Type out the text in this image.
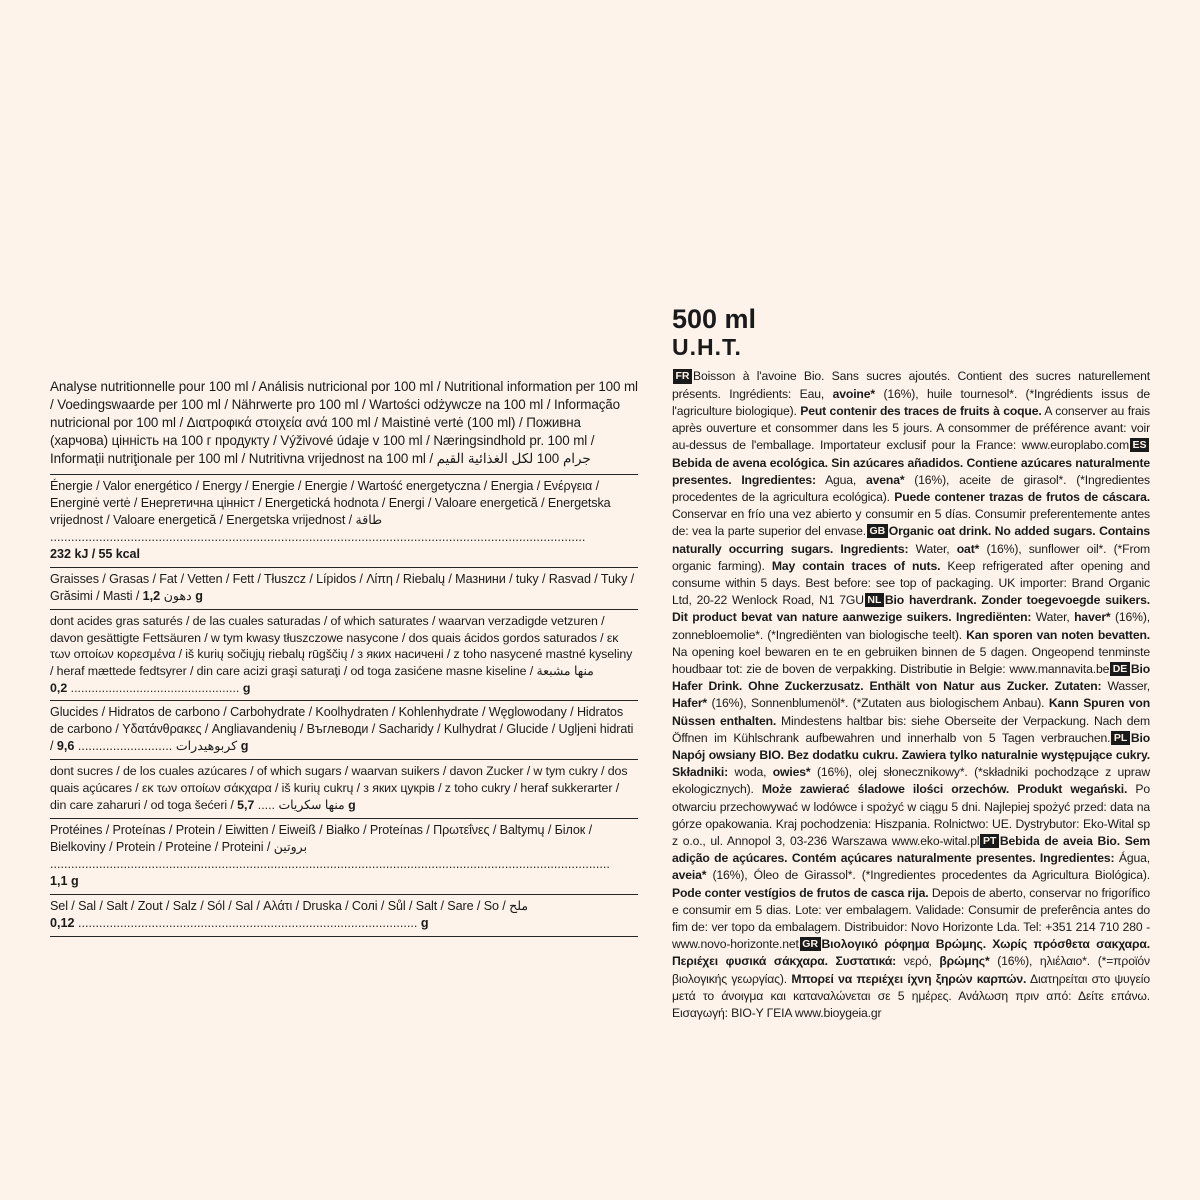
Analyse nutritionnelle pour 100 ml / Análisis nutricional por 100 ml / Nutritional information per 100 ml / Voedingswaarde per 100 ml / Nährwerte pro 100 ml / Wartości odżywcze na 100 ml / Informação nutricional por 100 ml / Διατροφικά στοιχεία ανά 100 ml / Maistinė vertė (100 ml) / Поживна (харчова) цінність на 100 г продукту / Výživové údaje v 100 ml / Næringsindhold pr. 100 ml / Informații nutriţionale per 100 ml / Nutritivna vrijednost na 100 ml / جرام 100 لكل الغذائية القيم
Énergie / Valor energético / Energy / Energie / Energie / Wartość energetyczna / Energia / Ενέργεια / Energinė vertė / Енергетична цінніст / Energetická hodnota / Energi / Valoare energetică / Energetska vrijednost / Valoare energetică / Energetska vrijednost / طاقة ......................................................................................................................................................... 232 kJ / 55 kcal
Graisses / Grasas / Fat / Vetten / Fett / Tłuszcz / Lípidos / Λίπη / Riebalų / Мазнини / tuky / Rasvad / Tuky / Grăsimi / Masti / دهون 1,2 g
dont acides gras saturés / de las cuales saturadas / of which saturates / waarvan verzadigde vetzuren / davon gesättigte Fettsäuren / w tym kwasy tłuszczowe nasycone / dos quais ácidos gordos saturados / εκ των οποίων κορεσμένα / iš kurių sočiųjų riebalų rūgščių / з яких насичені / z toho nasycené mastné kyseliny / heraf mættede fedtsyrer / din care acizi graşi saturaţi / od toga zasićene masne kiseline / منها مشبعة ................................................. 0,2 g
Glucides / Hidratos de carbono / Carbohydrate / Koolhydraten / Kohlenhydrate / Węglowodany / Hidratos de carbono / Υδατάνθρακες / Angliavandenių / Въглеводи / Sacharidy / Kulhydrat / Glucide / Ugljeni hidrati / كربوهيدرات ........................... 9,6 g
dont sucres / de los cuales azúcares / of which sugars / waarvan suikers / davon Zucker / w tym cukry / dos quais açúcares / εκ των οποίων σάκχαρα / iš kurių cukrų / з яких цукрів / z toho cukry / heraf sukkerarter / din care zaharuri / od toga šećeri / منها سكريات ..... 5,7 g
Protéines / Proteínas / Protein / Eiwitten / Eiweiß / Białko / Proteínas / Πρωτεΐνες / Baltymų / Білок / Bielkoviny / Protein / Proteine / Proteini / بروتين ................................................................................................................................................................ 1,1 g
Sel / Sal / Salt / Zout / Salz / Sól / Sal / Αλάτι / Druska / Солі / Sůl / Salt / Sare / So / ملح ................................................................................................. 0,12 g
500 ml
U.H.T.
FR Boisson à l'avoine Bio. Sans sucres ajoutés. Contient des sucres naturellement présents. Ingrédients: Eau, avoine* (16%), huile tournesol*. (*Ingrédients issus de l'agriculture biologique). Peut contenir des traces de fruits à coque. A conserver au frais après ouverture et consommer dans les 5 jours. A consommer de préférence avant: voir au-dessus de l'emballage. Importateur exclusif pour la France: www.europlabo.com ESBebida de avena ecológica. Sin azúcares añadidos. Contiene azúcares naturalmente presentes. Ingredientes: Agua, avena* (16%), aceite de girasol*. (*Ingredientes procedentes de la agricultura ecológica). Puede contener trazas de frutos de cáscara. Conservar en frío una vez abierto y consumir en 5 días. Consumir preferentemente antes de: vea la parte superior del envase. GB Organic oat drink. No added sugars. Contains naturally occurring sugars. Ingredients: Water, oat* (16%), sunflower oil*. (*From organic farming). May contain traces of nuts. Keep refrigerated after opening and consume within 5 days. Best before: see top of packaging. UK importer: Brand Organic Ltd, 20-22 Wenlock Road, N1 7GU NL Bio haverdrank. Zonder toegevoegde suikers. Dit product bevat van nature aanwezige suikers. Ingrediënten: Water, haver* (16%), zonnebloemolie*. (*Ingrediënten van biologische teelt). Kan sporen van noten bevatten. Na opening koel bewaren en te en gebruiken binnen de 5 dagen. Ongeopend tenminste houdbaar tot: zie de boven de verpakking. Distributie in Belgie: www.mannavita.be DE Bio Hafer Drink. Ohne Zuckerzusatz. Enthält von Natur aus Zucker. Zutaten: Wasser, Hafer* (16%), Sonnenblumenöl*. (*Zutaten aus biologischem Anbau). Kann Spuren von Nüssen enthalten. Mindestens haltbar bis: siehe Oberseite der Verpackung. Nach dem Öffnen im Kühlschrank aufbewahren und innerhalb von 5 Tagen verbrauchen. PL Bio Napój owsiany BIO. Bez dodatku cukru. Zawiera tylko naturalnie występujące cukry. Składniki: woda, owies* (16%), olej słonecznikowy*. (*składniki pochodzące z upraw ekologicznych). Może zawierać śladowe ilości orzechów. Produkt wegański. Po otwarciu przechowywać w lodówce i spożyć w ciągu 5 dni. Najlepiej spożyć przed: data na górze opakowania. Kraj pochodzenia: Hiszpania. Rolnictwo: UE. Dystrybutor: Eko-Wital sp z o.o., ul. Annopol 3, 03-236 Warszawa www.eko-wital.pl PT Bebida de aveia Bio. Sem adição de açúcares. Contém açúcares naturalmente presentes. Ingredientes: Água, aveia* (16%), Óleo de Girassol*. (*Ingredientes procedentes da Agricultura Biológica). Pode conter vestígios de frutos de casca rija. Depois de aberto, conservar no frigorífico e consumir em 5 dias. Lote: ver embalagem. Validade: Consumir de preferência antes do fim de: ver topo da embalagem. Distribuidor: Novo Horizonte Lda. Tel: +351 214 710 280 - www.novo-horizonte.net GR Βιολογικό ρόφημα Βρώμης. Χωρίς πρόσθετα σακχαρα. Περιέχει φυσικά σάκχαρα. Συστατικά: νερό, βρώμης* (16%), ηλιέλαιο*. (*=προϊόν βιολογικής γεωργίας). Μπορεί να περιέχει ίχνη ξηρών καρπών. Διατηρείται στο ψυγείο μετά το άνοιγμα και καταναλώνεται σε 5 ημέρες. Ανάλωση πριν από: Δείτε επάνω. Εισαγωγή: ΒΙΟ-Υ ΓΕΙΑ www.bioygeia.gr
